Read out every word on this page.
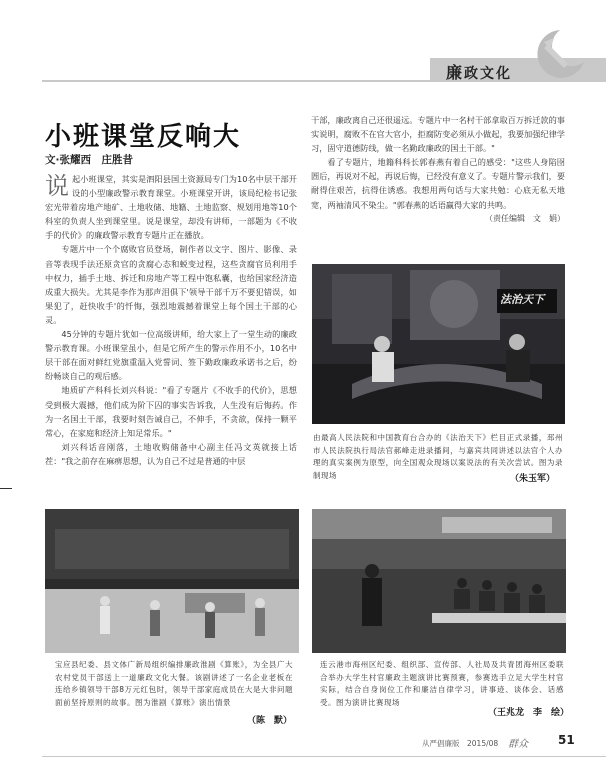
廉政文化
小班课堂反响大
文·张耀西　庄胜昔

说起小班课堂，其实是泗阳县国土资源局专门为10名中层干部开设的小型廉政警示教育课堂。小班课堂开讲，该局纪检书记张宏光带着房地产地矿、土地收储、地籍、土地监察、规划用地等10个科室的负责人坐到课堂里。说是课堂，却没有讲师，一部题为《不收手的代价》的廉政警示教育专题片正在播放。

专题片中一个个腐败官员登场，制作者以文字、图片、影像、录音等表现手法还原贪官的贪腐心态和蜕变过程，这些贪腐官员利用手中权力，插手土地、拆迁和房地产等工程中饱私囊，也给国家经济造成重大损失。尤其是李作为那声泪俱下'领导干部千万不要犯错误，如果犯了，赶快收手'的忏悔，强烈地震撼着课堂上每个国土干部的心灵。

45分钟的专题片犹如一位高级讲师，给大家上了一堂生动的廉政警示教育课。小班课堂虽小，但是它所产生的警示作用不小，10名中层干部在面对鲜红党旗重温入党誓词、签下勤政廉政承诺书之后，纷纷畅谈自己的观后感。

地质矿产科科长刘兴科说："看了专题片《不收手的代价》，思想受到极大震撼，他们成为阶下囚的事实告诉我，人生没有后悔药。作为一名国土干部，我要时刻告诫自己，不伸手，不贪欲，保持一颗平常心，在家庭和经济上知足常乐。"

刘兴科话音刚落，土地收购储备中心副主任冯文英就接上话茬："我之前存在麻痹思想，认为自己不过是普通的中层

干部，廉政离自己还很遥远。专题片中一名村干部拿取百万拆迁款的事实说明，腐败不在官大官小，拒腐防变必须从小做起，我要加强纪律学习，固守道德防线，做一名勤政廉政的国土干部。"

看了专题片，地籍科科长郭春燕有着自己的感受："这些人身陷囹圄后，再说对不起，再说后悔，已经没有意义了。专题片警示我们，要耐得住艰苦，抗得住诱惑。我想用两句话与大家共勉：心底无私天地宽，两袖清风不染尘。"郭春燕的话语赢得大家的共鸣。

（责任编辑　文　娟）
法治天下
由最高人民法院和中国教育台合办的《法治天下》栏目正式录播，邳州市人民法院执行局法官郝峰走进录播间，与嘉宾共同讲述以法官个人办理的真实案例为原型，向全国观众现场以案说法的有关次尝试。图为录制现场	（朱玉军）
宝应县纪委、县文体广新局组织编排廉政淮剧《算账》，为全县广大农村党员干部送上一道廉政文化大餐。该剧讲述了一名企业老板在连给乡镇领导干部8万元红包时，领导干部家庭成员在大是大非问题面前坚持原则的故事。图为淮剧《算账》演出情景
（陈　默）
连云港市海州区纪委、组织部、宣传部、人社局及共青团海州区委联合举办大学生村官廉政主题演讲比赛预赛，参赛选手立足大学生村官实际，结合自身岗位工作和廉洁自律学习，讲事迹、谈体会、话感受。图为演讲比赛现场
（王兆龙　李　绘）
从严倡廉版　2015/08 群众	51
